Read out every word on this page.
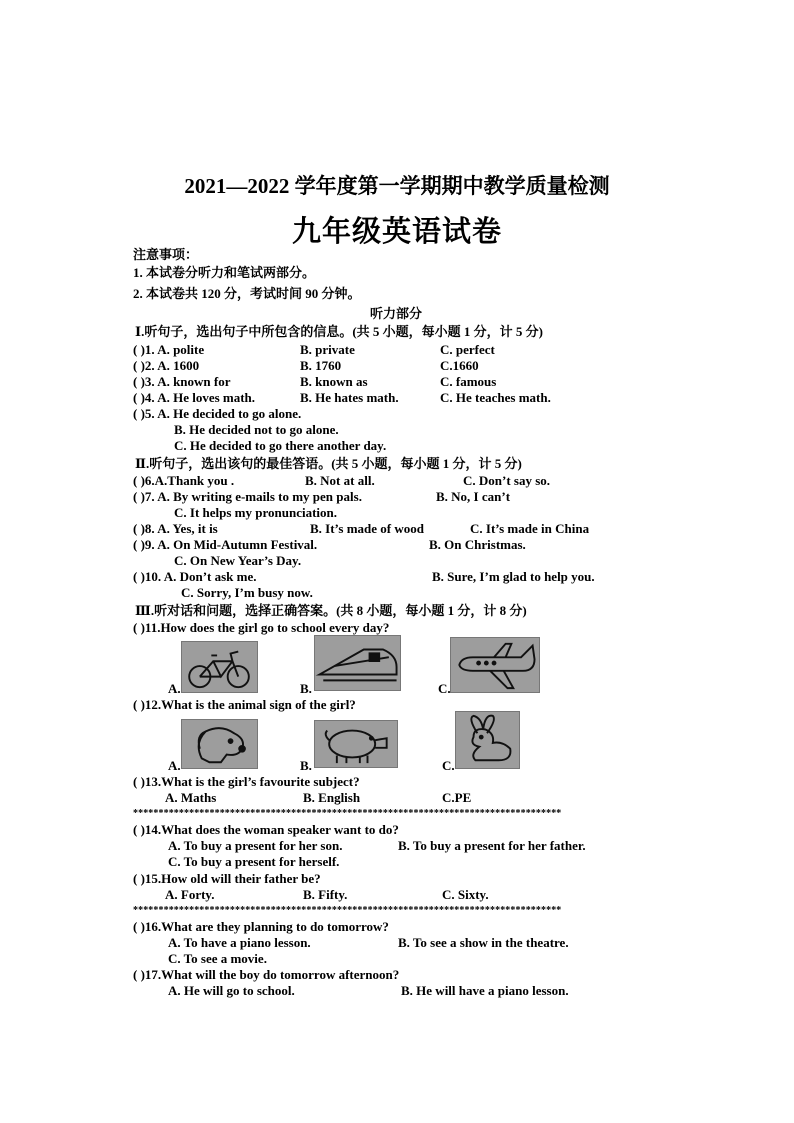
2021—2022 学年度第一学期期中教学质量检测
九年级英语试卷
注意事项：
1. 本试卷分听力和笔试两部分。
2. 本试卷共 120 分，考试时间 90 分钟。
听力部分
Ⅰ.听句子，选出句子中所包含的信息。(共 5 小题，每小题 1 分，计 5 分)
( )1. A. polite	B. private	C. perfect
( )2. A. 1600	B. 1760	C.1660
( )3. A. known for	B. known as	C. famous
( )4. A. He loves math.	B. He hates math.	C. He teaches math.
( )5. A. He decided to go alone.
B. He decided not to go alone.
C. He decided to go there another day.
Ⅱ.听句子，选出该句的最佳答语。(共 5 小题，每小题 1 分，计 5 分)
( )6.A.Thank you .	B. Not at all.	C. Don’t say so.
( )7. A. By writing e-mails to my pen pals.	B. No, I can’t
C. It helps my pronunciation.
( )8. A. Yes, it is	B. It’s made of wood	C. It’s made in China
( )9. A. On Mid-Autumn Festival.	B. On Christmas.
C. On New Year’s Day.
( )10. A. Don’t ask me.	B. Sure, I’m glad to help you.
C. Sorry, I’m busy now.
Ⅲ.听对话和问题，选择正确答案。(共 8 小题，每小题 1 分，计 8 分)
( )11.How does the girl go to school every day?
A.	B.	C.
( )12.What is the animal sign of the girl?
A.	B.	C.
( )13.What is the girl’s favourite subject?
A. Maths	B. English	C.PE
************************************************************************************
( )14.What does the woman speaker want to do?
A. To buy a present for her son.	B. To buy a present for her father.
C. To buy a present for herself.
( )15.How old will their father be?
A. Forty.	B. Fifty.	C. Sixty.
************************************************************************************
( )16.What are they planning to do tomorrow?
A. To have a piano lesson.	B. To see a show in the theatre.
C. To see a movie.
( )17.What will the boy do tomorrow afternoon?
A. He will go to school.	B. He will have a piano lesson.
